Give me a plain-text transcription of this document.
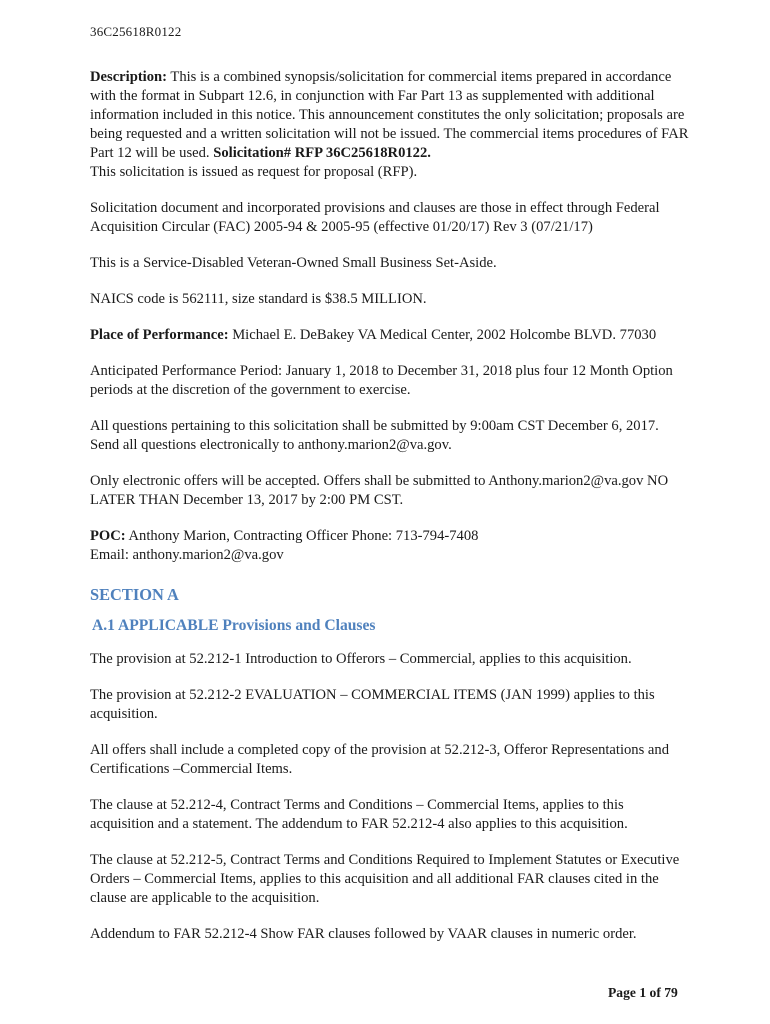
36C25618R0122

Description: This is a combined synopsis/solicitation for commercial items prepared in accordance with the format in Subpart 12.6, in conjunction with Far Part 13 as supplemented with additional information included in this notice. This announcement constitutes the only solicitation; proposals are being requested and a written solicitation will not be issued. The commercial items procedures of FAR Part 12 will be used. Solicitation# RFP 36C25618R0122.
This solicitation is issued as request for proposal (RFP).

Solicitation document and incorporated provisions and clauses are those in effect through Federal Acquisition Circular (FAC) 2005-94 & 2005-95 (effective 01/20/17) Rev 3 (07/21/17)

This is a Service-Disabled Veteran-Owned Small Business Set-Aside.

NAICS code is 562111, size standard is $38.5 MILLION.

Place of Performance: Michael E. DeBakey VA Medical Center, 2002 Holcombe BLVD. 77030

Anticipated Performance Period: January 1, 2018 to December 31, 2018 plus four 12 Month Option periods at the discretion of the government to exercise.

All questions pertaining to this solicitation shall be submitted by 9:00am CST December 6, 2017. Send all questions electronically to anthony.marion2@va.gov.

Only electronic offers will be accepted. Offers shall be submitted to Anthony.marion2@va.gov NO LATER THAN December 13, 2017 by 2:00 PM CST.

POC: Anthony Marion, Contracting Officer Phone: 713-794-7408
Email: anthony.marion2@va.gov

SECTION A
A.1 APPLICABLE Provisions and Clauses

The provision at 52.212-1 Introduction to Offerors – Commercial, applies to this acquisition.

The provision at 52.212-2 EVALUATION – COMMERCIAL ITEMS (JAN 1999) applies to this acquisition.

All offers shall include a completed copy of the provision at 52.212-3, Offeror Representations and Certifications –Commercial Items.

The clause at 52.212-4, Contract Terms and Conditions – Commercial Items, applies to this acquisition and a statement. The addendum to FAR 52.212-4 also applies to this acquisition.

The clause at 52.212-5, Contract Terms and Conditions Required to Implement Statutes or Executive Orders – Commercial Items, applies to this acquisition and all additional FAR clauses cited in the clause are applicable to the acquisition.

Addendum to FAR 52.212-4 Show FAR clauses followed by VAAR clauses in numeric order.

Page 1 of 79
